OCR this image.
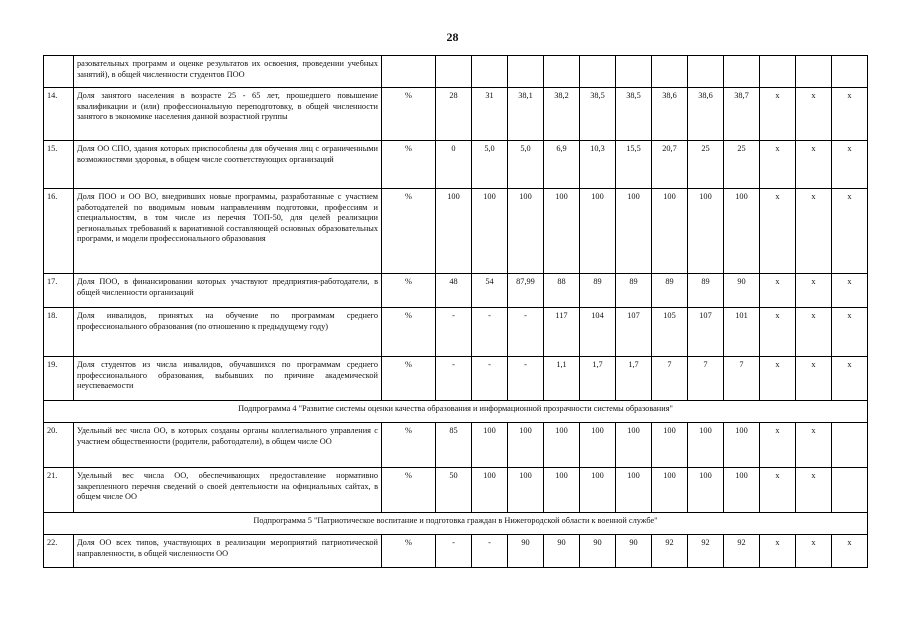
28
	разовательных программ и оценке результатов их освоения, проведении учебных занятий), в общей численности студентов ПОО													
14.	Доля занятого населения в возрасте 25 - 65 лет, прошедшего повышение квалификации и (или) профессиональную переподготовку, в общей численности занятого в экономике населения данной возрастной группы	%	28	31	38,1	38,2	38,5	38,5	38,6	38,6	38,7	x	x	x
15.	Доля ОО СПО, здания которых приспособлены для обучения лиц с ограниченными возможностями здоровья, в общем числе соответствующих организаций	%	0	5,0	5,0	6,9	10,3	15,5	20,7	25	25	x	x	x
16.	Доля ПОО и ОО ВО, внедривших новые программы, разработанные с участием работодателей по вводимым новым направлениям подготовки, профессиям и специальностям, в том числе из перечня ТОП-50, для целей реализации региональных требований к вариативной составляющей основных образовательных программ, и модели профессионального образования	%	100	100	100	100	100	100	100	100	100	x	x	x
17.	Доля ПОО, в финансировании которых участвуют предприятия-работодатели, в общей численности организаций	%	48	54	87,99	88	89	89	89	89	90	x	x	x
18.	Доля инвалидов, принятых на обучение по программам среднего профессионального образования (по отношению к предыдущему году)	%	-	-	-	117	104	107	105	107	101	x	x	x
19.	Доля студентов из числа инвалидов, обучавшихся по программам среднего профессионального образования, выбывших по причине академической неуспеваемости	%	-	-	-	1,1	1,7	1,7	7	7	7	x	x	x
Подпрограмма 4 "Развитие системы оценки качества образования и информационной прозрачности системы образования"														
20.	Удельный вес числа ОО, в которых созданы органы коллегиального управления с участием общественности (родители, работодатели), в общем числе ОО	%	85	100	100	100	100	100	100	100	100	x	x	
21.	Удельный вес числа ОО, обеспечивающих предоставление нормативно закрепленного перечня сведений о своей деятельности на официальных сайтах, в общем числе ОО	%	50	100	100	100	100	100	100	100	100	x	x	
Подпрограмма 5 "Патриотическое воспитание и подготовка граждан в Нижегородской области к военной службе"														
22.	Доля ОО всех типов, участвующих в реализации мероприятий патриотической направленности, в общей численности ОО	%	-	-	90	90	90	90	92	92	92	x	x	x
